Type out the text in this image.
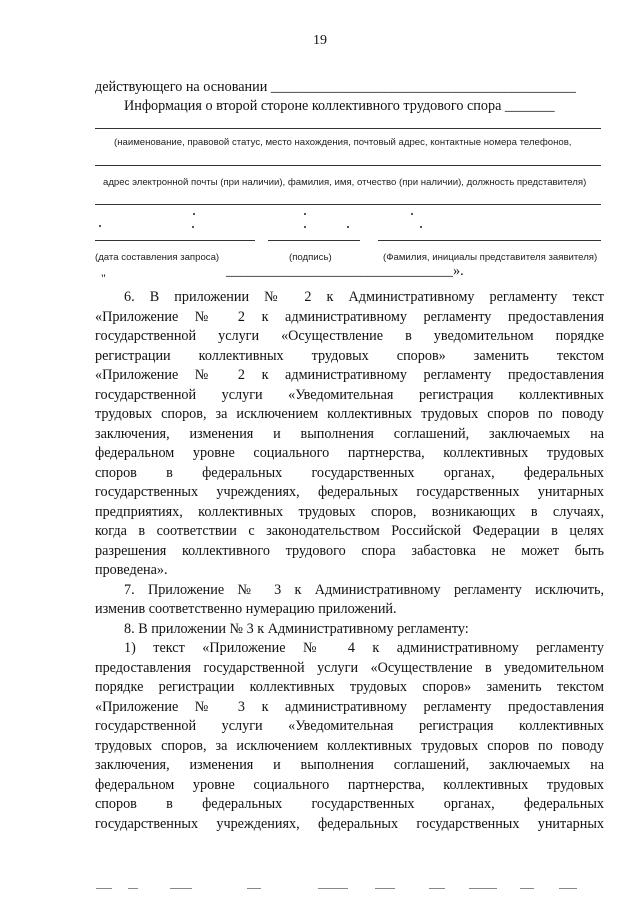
19
действующего на основании ___________________________________________
Информация о второй стороне коллективного трудового спора _______
(наименование, правовой статус, место нахождения, почтовый адрес, контактные номера телефонов,
адрес электронной почты (при наличии), фамилия, имя, отчество (при наличии), должность представителя)
(дата составления запроса)	(подпись)	(Фамилия, инициалы представителя заявителя)
________________________________».
"
6. В приложении № 2 к Административному регламенту текст
«Приложение № 2 к административному регламенту предоставления
государственной услуги «Осуществление в уведомительном порядке
регистрации коллективных трудовых споров» заменить текстом
«Приложение № 2 к административному регламенту предоставления
государственной услуги «Уведомительная регистрация коллективных
трудовых споров, за исключением коллективных трудовых споров по поводу
заключения, изменения и выполнения соглашений, заключаемых на
федеральном уровне социального партнерства, коллективных трудовых
споров в федеральных государственных органах, федеральных
государственных учреждениях, федеральных государственных унитарных
предприятиях, коллективных трудовых споров, возникающих в случаях,
когда в соответствии с законодательством Российской Федерации в целях
разрешения коллективного трудового спора забастовка не может быть
проведена».
7. Приложение № 3 к Административному регламенту исключить,
изменив соответственно нумерацию приложений.
8. В приложении № 3 к Административному регламенту:
1) текст «Приложение № 4 к административному регламенту
предоставления государственной услуги «Осуществление в уведомительном
порядке регистрации коллективных трудовых споров» заменить текстом
«Приложение № 3 к административному регламенту предоставления
государственной услуги «Уведомительная регистрация коллективных
трудовых споров, за исключением коллективных трудовых споров по поводу
заключения, изменения и выполнения соглашений, заключаемых на
федеральном уровне социального партнерства, коллективных трудовых
споров в федеральных государственных органах, федеральных
государственных учреждениях, федеральных государственных унитарных
